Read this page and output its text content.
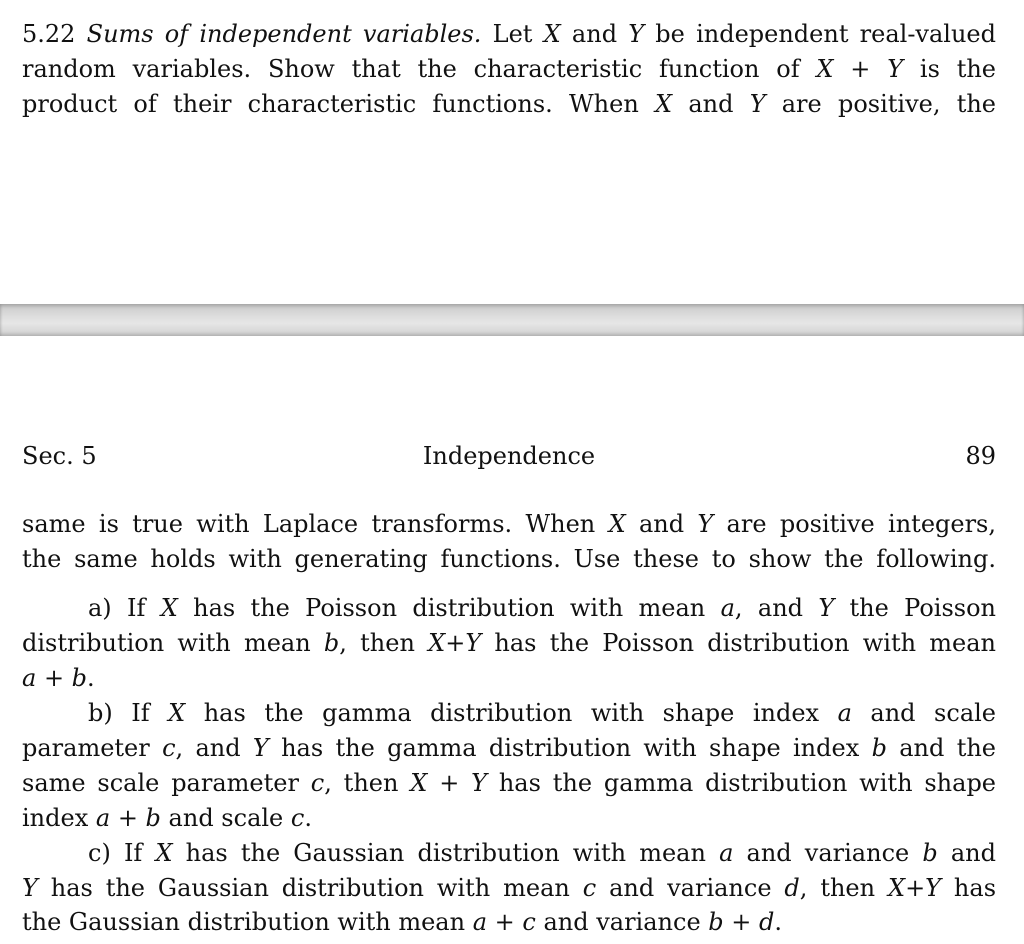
5.22 Sums of independent variables. Let X and Y be independent real-valued
random variables. Show that the characteristic function of X + Y is the
product of their characteristic functions. When X and Y are positive, the
Sec. 5	Independence	89
same is true with Laplace transforms. When X and Y are positive integers,
the same holds with generating functions. Use these to show the following.
a) If X has the Poisson distribution with mean a, and Y the Poisson
distribution with mean b, then X+Y has the Poisson distribution with mean
a + b.
b) If X has the gamma distribution with shape index a and scale
parameter c, and Y has the gamma distribution with shape index b and the
same scale parameter c, then X + Y has the gamma distribution with shape
index a + b and scale c.
c) If X has the Gaussian distribution with mean a and variance b and
Y has the Gaussian distribution with mean c and variance d, then X+Y has
the Gaussian distribution with mean a + c and variance b + d.
